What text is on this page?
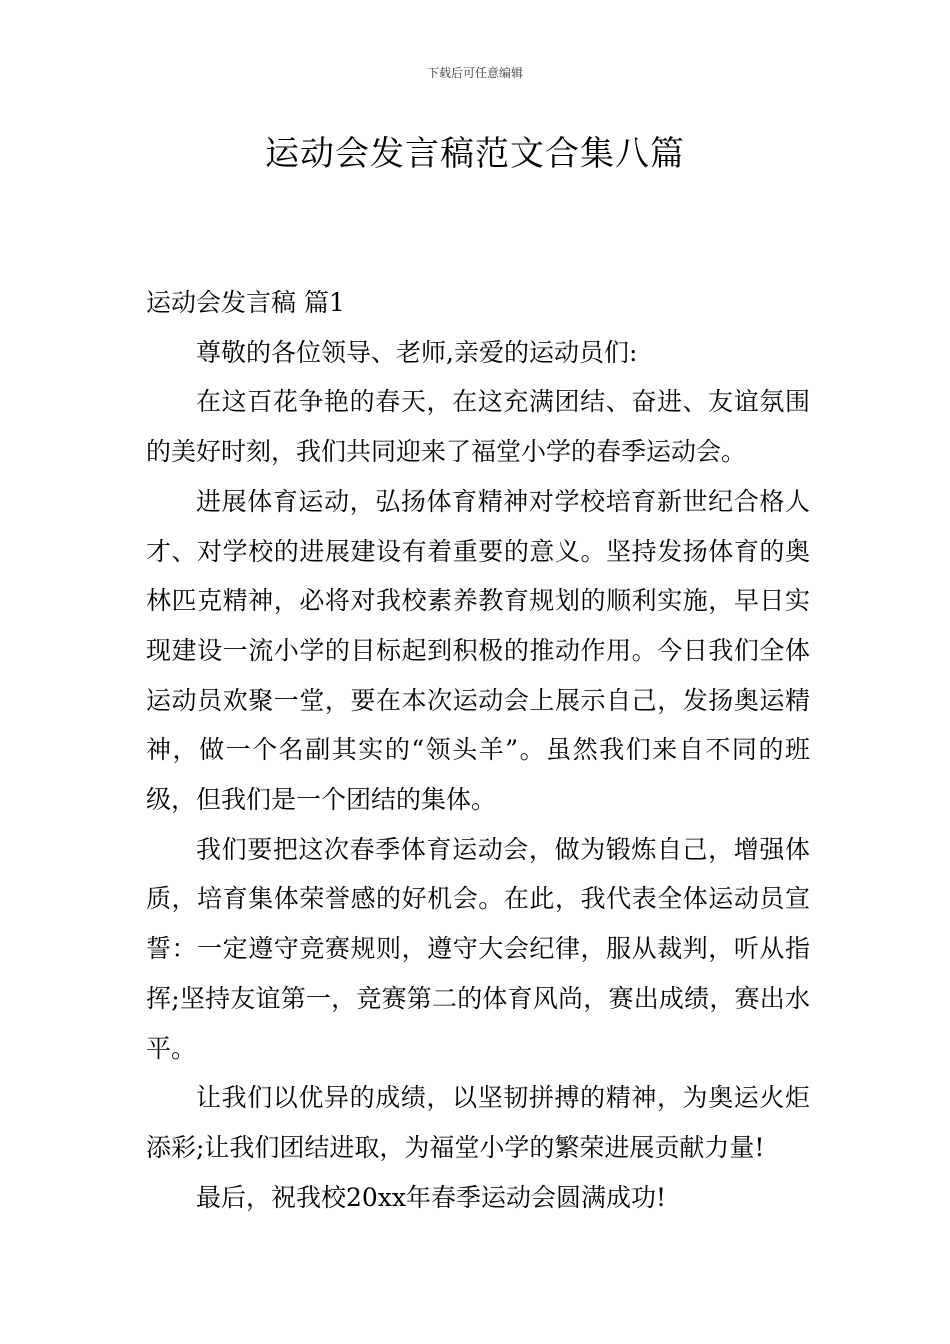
下载后可任意编辑
运动会发言稿范文合集八篇

运动会发言稿 篇1

尊敬的各位领导、老师,亲爱的运动员们:

在这百花争艳的春天，在这充满团结、奋进、友谊氛围的美好时刻，我们共同迎来了福堂小学的春季运动会。

进展体育运动，弘扬体育精神对学校培育新世纪合格人才、对学校的进展建设有着重要的意义。坚持发扬体育的奥林匹克精神，必将对我校素养教育规划的顺利实施，早日实现建设一流小学的目标起到积极的推动作用。今日我们全体运动员欢聚一堂，要在本次运动会上展示自己，发扬奥运精神，做一个名副其实的“领头羊”。虽然我们来自不同的班级，但我们是一个团结的集体。

我们要把这次春季体育运动会，做为锻炼自己，增强体质，培育集体荣誉感的好机会。在此，我代表全体运动员宣誓：一定遵守竞赛规则，遵守大会纪律，服从裁判，听从指挥;坚持友谊第一，竞赛第二的体育风尚，赛出成绩，赛出水平。

让我们以优异的成绩，以坚韧拼搏的精神，为奥运火炬添彩;让我们团结进取，为福堂小学的繁荣进展贡献力量!

最后，祝我校20xx年春季运动会圆满成功!
